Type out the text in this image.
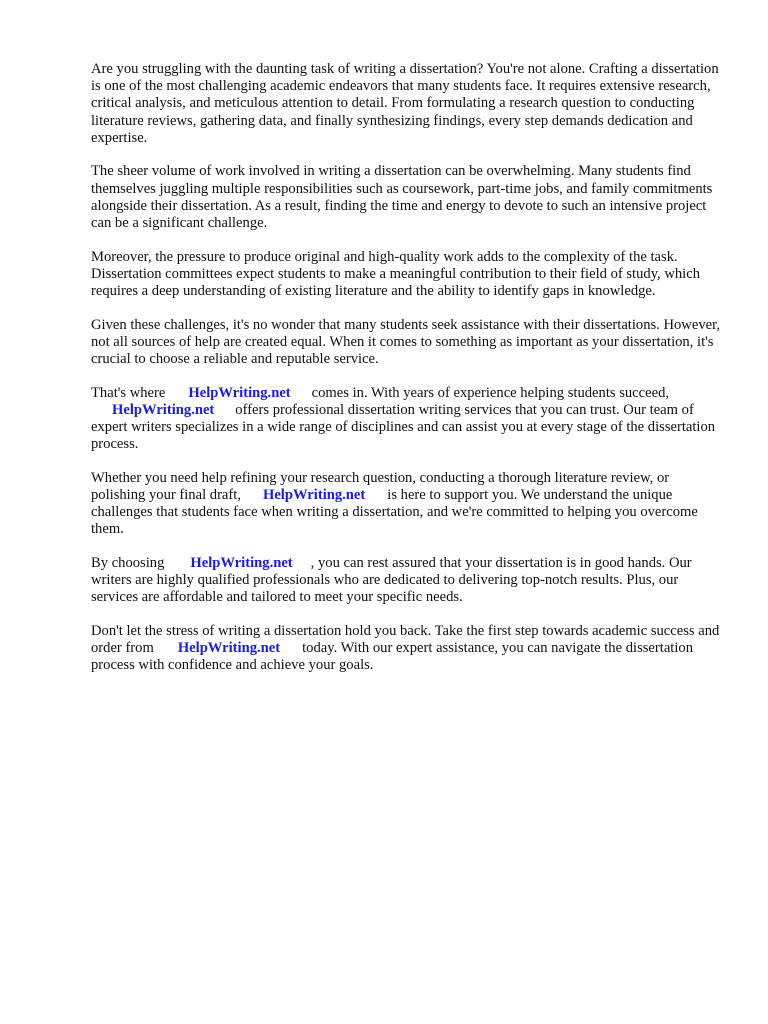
Are you struggling with the daunting task of writing a dissertation? You're not alone. Crafting a dissertation is one of the most challenging academic endeavors that many students face. It requires extensive research, critical analysis, and meticulous attention to detail. From formulating a research question to conducting literature reviews, gathering data, and finally synthesizing findings, every step demands dedication and expertise.

The sheer volume of work involved in writing a dissertation can be overwhelming. Many students find themselves juggling multiple responsibilities such as coursework, part-time jobs, and family commitments alongside their dissertation. As a result, finding the time and energy to devote to such an intensive project can be a significant challenge.

Moreover, the pressure to produce original and high-quality work adds to the complexity of the task. Dissertation committees expect students to make a meaningful contribution to their field of study, which requires a deep understanding of existing literature and the ability to identify gaps in knowledge.

Given these challenges, it's no wonder that many students seek assistance with their dissertations. However, not all sources of help are created equal. When it comes to something as important as your dissertation, it's crucial to choose a reliable and reputable service.

That's where HelpWriting.net comes in. With years of experience helping students succeed,
HelpWriting.net offers professional dissertation writing services that you can trust. Our team of expert writers specializes in a wide range of disciplines and can assist you at every stage of the dissertation process.

Whether you need help refining your research question, conducting a thorough literature review, or polishing your final draft, HelpWriting.net is here to support you. We understand the unique challenges that students face when writing a dissertation, and we're committed to helping you overcome them.

By choosing HelpWriting.net , you can rest assured that your dissertation is in good hands. Our writers are highly qualified professionals who are dedicated to delivering top-notch results. Plus, our services are affordable and tailored to meet your specific needs.

Don't let the stress of writing a dissertation hold you back. Take the first step towards academic success and order from HelpWriting.net today. With our expert assistance, you can navigate the dissertation process with confidence and achieve your goals.
